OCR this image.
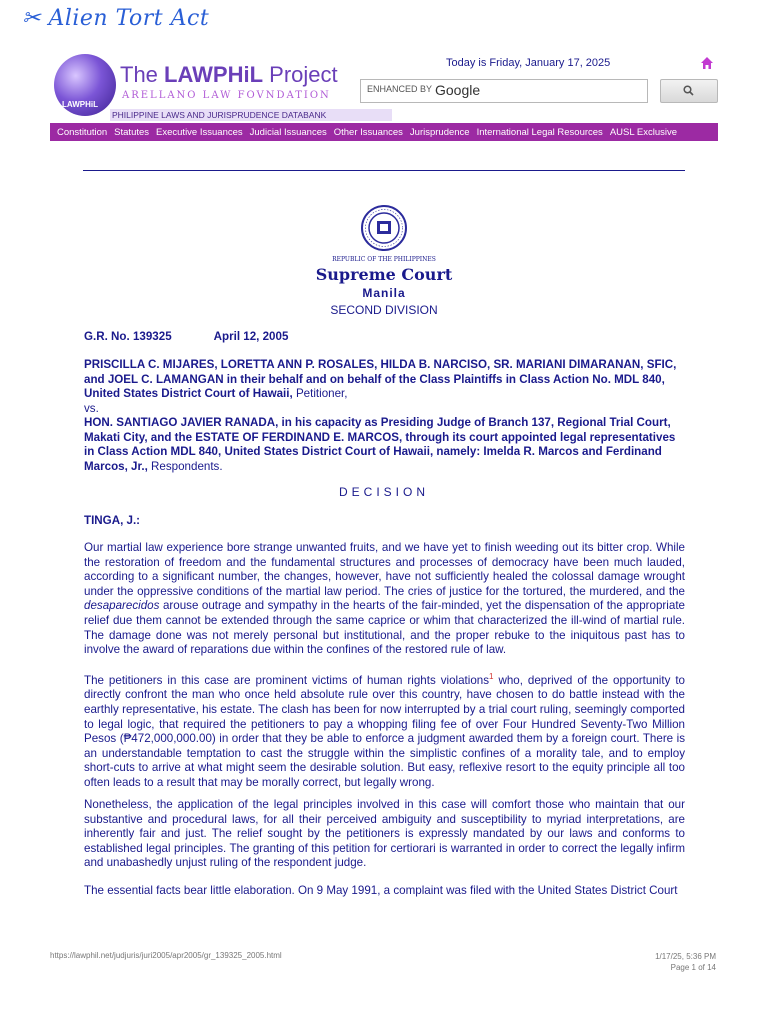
✂ Alien Tort Act
LAWPHiL
The LAWPHiL Project
ARELLANO LAW FOVNDATION
PHILIPPINE LAWS AND JURISPRUDENCE DATABANK
Today is Friday, January 17, 2025
ENHANCED BY Google
Constitution Statutes Executive Issuances Judicial Issuances Other Issuances Jurisprudence International Legal Resources AUSL Exclusive
REPUBLIC OF THE PHILIPPINES
Supreme Court
Manila
SECOND DIVISION
G.R. No. 139325	April 12, 2005
PRISCILLA C. MIJARES, LORETTA ANN P. ROSALES, HILDA B. NARCISO, SR. MARIANI DIMARANAN, SFIC, and JOEL C. LAMANGAN in their behalf and on behalf of the Class Plaintiffs in Class Action No. MDL 840, United States District Court of Hawaii, Petitioner,
vs.
HON. SANTIAGO JAVIER RANADA, in his capacity as Presiding Judge of Branch 137, Regional Trial Court, Makati City, and the ESTATE OF FERDINAND E. MARCOS, through its court appointed legal representatives in Class Action MDL 840, United States District Court of Hawaii, namely: Imelda R. Marcos and Ferdinand Marcos, Jr., Respondents.
DECISION
TINGA, J.:
Our martial law experience bore strange unwanted fruits, and we have yet to finish weeding out its bitter crop. While the restoration of freedom and the fundamental structures and processes of democracy have been much lauded, according to a significant number, the changes, however, have not sufficiently healed the colossal damage wrought under the oppressive conditions of the martial law period. The cries of justice for the tortured, the murdered, and the desaparecidos arouse outrage and sympathy in the hearts of the fair-minded, yet the dispensation of the appropriate relief due them cannot be extended through the same caprice or whim that characterized the ill-wind of martial rule. The damage done was not merely personal but institutional, and the proper rebuke to the iniquitous past has to involve the award of reparations due within the confines of the restored rule of law.
The petitioners in this case are prominent victims of human rights violations$^1$ who, deprived of the opportunity to directly confront the man who once held absolute rule over this country, have chosen to do battle instead with the earthly representative, his estate. The clash has been for now interrupted by a trial court ruling, seemingly comported to legal logic, that required the petitioners to pay a whopping filing fee of over Four Hundred Seventy-Two Million Pesos (₱472,000,000.00) in order that they be able to enforce a judgment awarded them by a foreign court. There is an understandable temptation to cast the struggle within the simplistic confines of a morality tale, and to employ short-cuts to arrive at what might seem the desirable solution. But easy, reflexive resort to the equity principle all too often leads to a result that may be morally correct, but legally wrong.
Nonetheless, the application of the legal principles involved in this case will comfort those who maintain that our substantive and procedural laws, for all their perceived ambiguity and susceptibility to myriad interpretations, are inherently fair and just. The relief sought by the petitioners is expressly mandated by our laws and conforms to established legal principles. The granting of this petition for certiorari is warranted in order to correct the legally infirm and unabashedly unjust ruling of the respondent judge.
The essential facts bear little elaboration. On 9 May 1991, a complaint was filed with the United States District Court
https://lawphil.net/judjuris/juri2005/apr2005/gr_139325_2005.html	1/17/25, 5:36 PM
Page 1 of 14
